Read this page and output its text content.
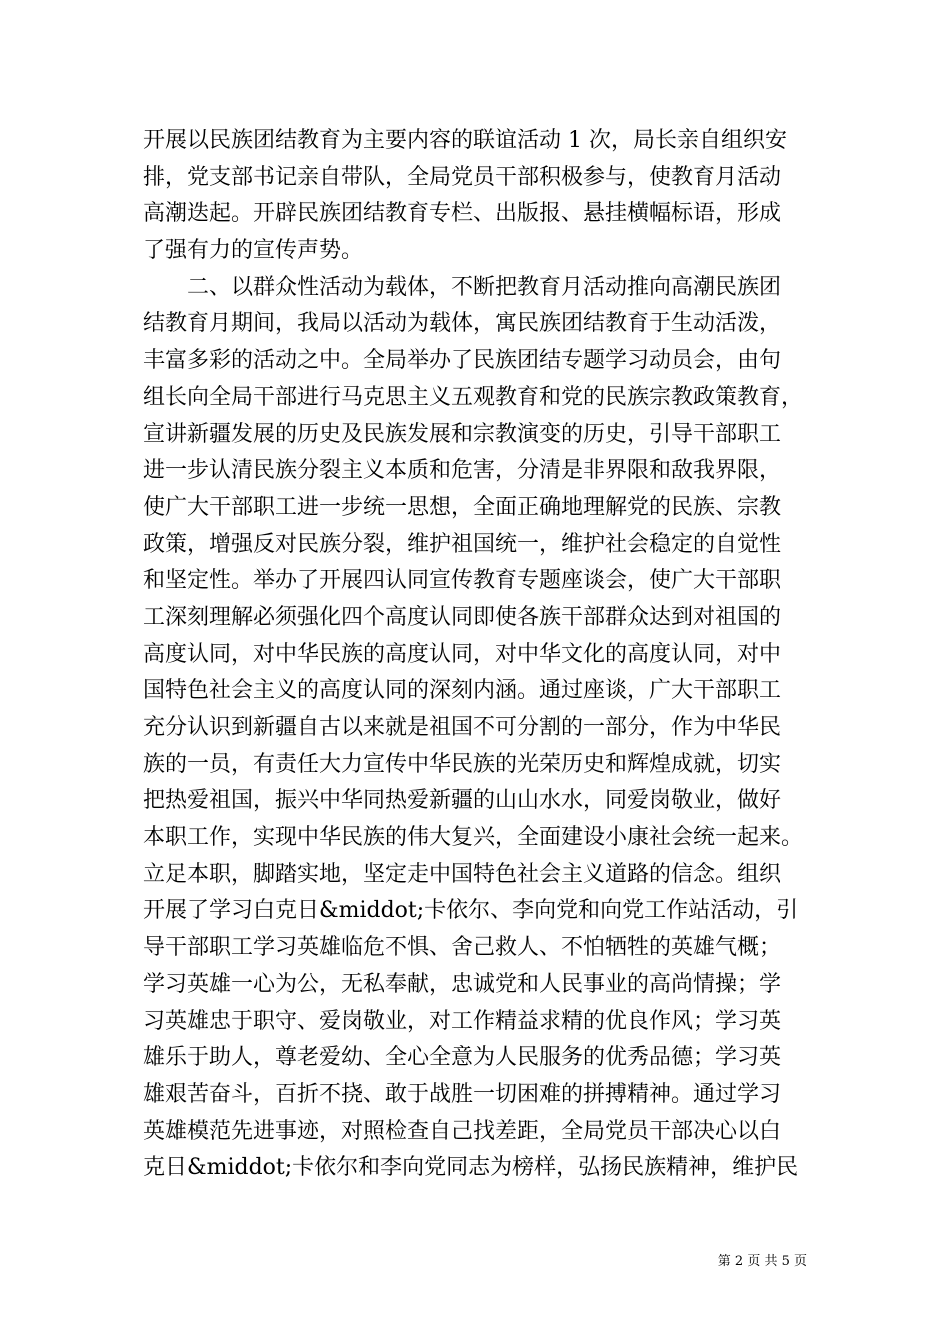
开展以民族团结教育为主要内容的联谊活动 1 次，局长亲自组织安
排，党支部书记亲自带队，全局党员干部积极参与，使教育月活动
高潮迭起。开辟民族团结教育专栏、出版报、悬挂横幅标语，形成
了强有力的宣传声势。
二、以群众性活动为载体，不断把教育月活动推向高潮民族团
结教育月期间，我局以活动为载体，寓民族团结教育于生动活泼，
丰富多彩的活动之中。全局举办了民族团结专题学习动员会，由句
组长向全局干部进行马克思主义五观教育和党的民族宗教政策教育，
宣讲新疆发展的历史及民族发展和宗教演变的历史，引导干部职工
进一步认清民族分裂主义本质和危害，分清是非界限和敌我界限，
使广大干部职工进一步统一思想，全面正确地理解党的民族、宗教
政策，增强反对民族分裂，维护祖国统一，维护社会稳定的自觉性
和坚定性。举办了开展四认同宣传教育专题座谈会，使广大干部职
工深刻理解必须强化四个高度认同即使各族干部群众达到对祖国的
高度认同，对中华民族的高度认同，对中华文化的高度认同，对中
国特色社会主义的高度认同的深刻内涵。通过座谈，广大干部职工
充分认识到新疆自古以来就是祖国不可分割的一部分，作为中华民
族的一员，有责任大力宣传中华民族的光荣历史和辉煌成就，切实
把热爱祖国，振兴中华同热爱新疆的山山水水，同爱岗敬业，做好
本职工作，实现中华民族的伟大复兴，全面建设小康社会统一起来。
立足本职，脚踏实地，坚定走中国特色社会主义道路的信念。组织
开展了学习白克日&middot;卡依尔、李向党和向党工作站活动，引
导干部职工学习英雄临危不惧、舍己救人、不怕牺牲的英雄气概；
学习英雄一心为公，无私奉献，忠诚党和人民事业的高尚情操；学
习英雄忠于职守、爱岗敬业，对工作精益求精的优良作风；学习英
雄乐于助人，尊老爱幼、全心全意为人民服务的优秀品德；学习英
雄艰苦奋斗，百折不挠、敢于战胜一切困难的拼搏精神。通过学习
英雄模范先进事迹，对照检查自己找差距，全局党员干部决心以白
克日&middot;卡依尔和李向党同志为榜样，弘扬民族精神，维护民
第 2 页 共 5 页
